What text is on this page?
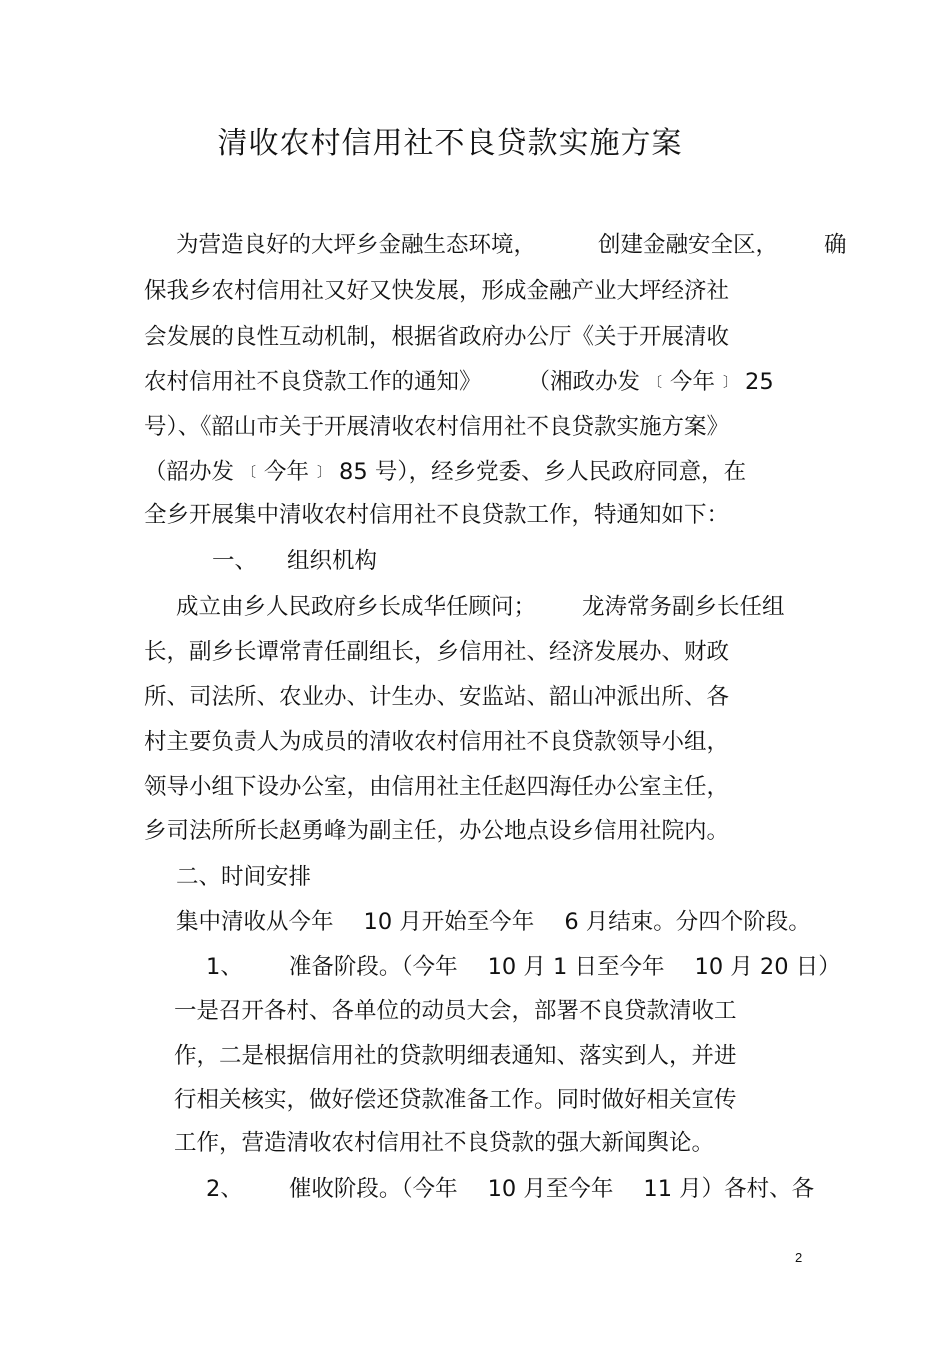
清收农村信用社不良贷款实施方案
为营造良好的大坪乡金融生态环境，	创建金融安全区， 确
保我乡农村信用社又好又快发展，形成金融产业大坪经济社
会发展的良性互动机制，根据省政府办公厅《关于开展清收
农村信用社不良贷款工作的通知》 （湘政办发 〔 今年 〕 25
号）、《韶山市关于开展清收农村信用社不良贷款实施方案》
（韶办发 〔 今年 〕 85 号），经乡党委、乡人民政府同意，在
全乡开展集中清收农村信用社不良贷款工作，特通知如下：
一、 组织机构
成立由乡人民政府乡长成华任顾问； 龙涛常务副乡长任组
长，副乡长谭常青任副组长，乡信用社、经济发展办、财政
所、司法所、农业办、计生办、安监站、韶山冲派出所、各
村主要负责人为成员的清收农村信用社不良贷款领导小组，
领导小组下设办公室，由信用社主任赵四海任办公室主任，
乡司法所所长赵勇峰为副主任，办公地点设乡信用社院内。
二、时间安排
集中清收从今年 10 月开始至今年 6 月结束。分四个阶段。
1、 准备阶段。（今年 10 月 1 日至今年 10 月 20 日）
一是召开各村、各单位的动员大会，部署不良贷款清收工
作，二是根据信用社的贷款明细表通知、落实到人，并进
行相关核实，做好偿还贷款准备工作。同时做好相关宣传
工作，营造清收农村信用社不良贷款的强大新闻舆论。
2、 催收阶段。（今年 10 月至今年 11 月）各村、各
2
